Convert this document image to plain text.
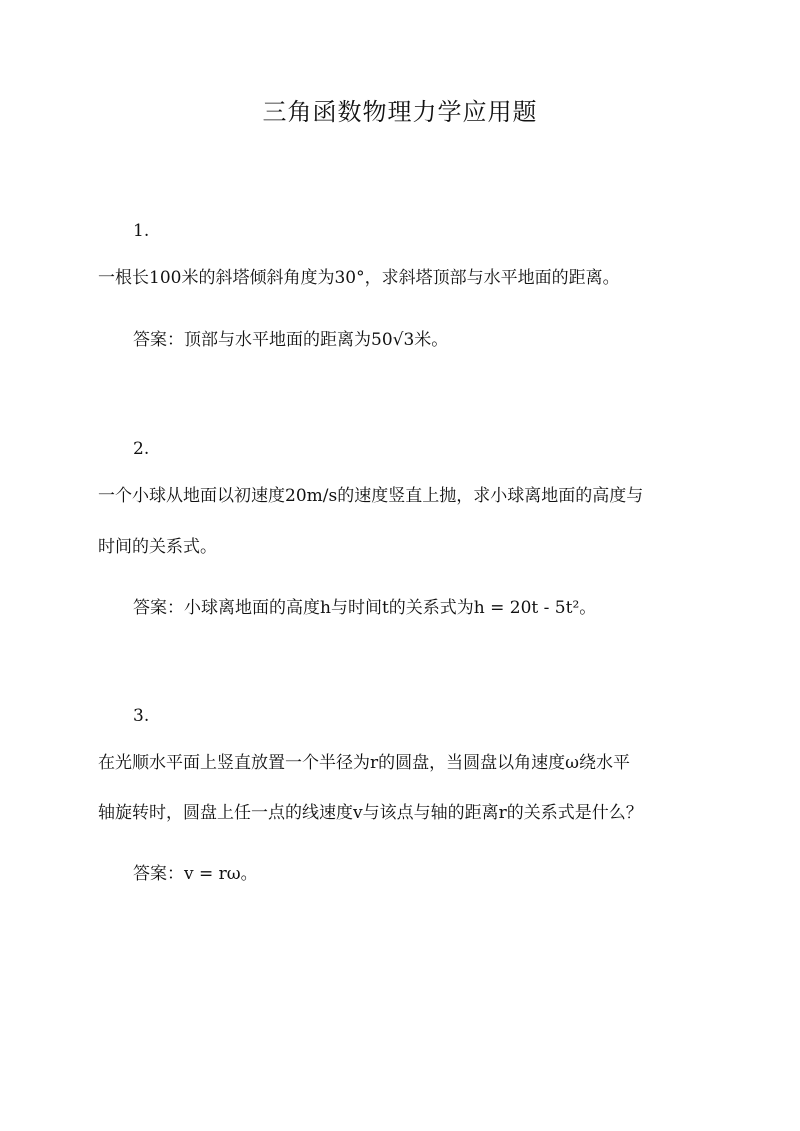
三角函数物理力学应用题
1.
一根长100米的斜塔倾斜角度为30°，求斜塔顶部与水平地面的距离。
答案：顶部与水平地面的距离为50√3米。
2.
一个小球从地面以初速度20m/s的速度竖直上抛，求小球离地面的高度与
时间的关系式。
答案：小球离地面的高度h与时间t的关系式为h = 20t - 5t²。
3.
在光顺水平面上竖直放置一个半径为r的圆盘，当圆盘以角速度ω绕水平
轴旋转时，圆盘上任一点的线速度v与该点与轴的距离r的关系式是什么？
答案：v = rω。
